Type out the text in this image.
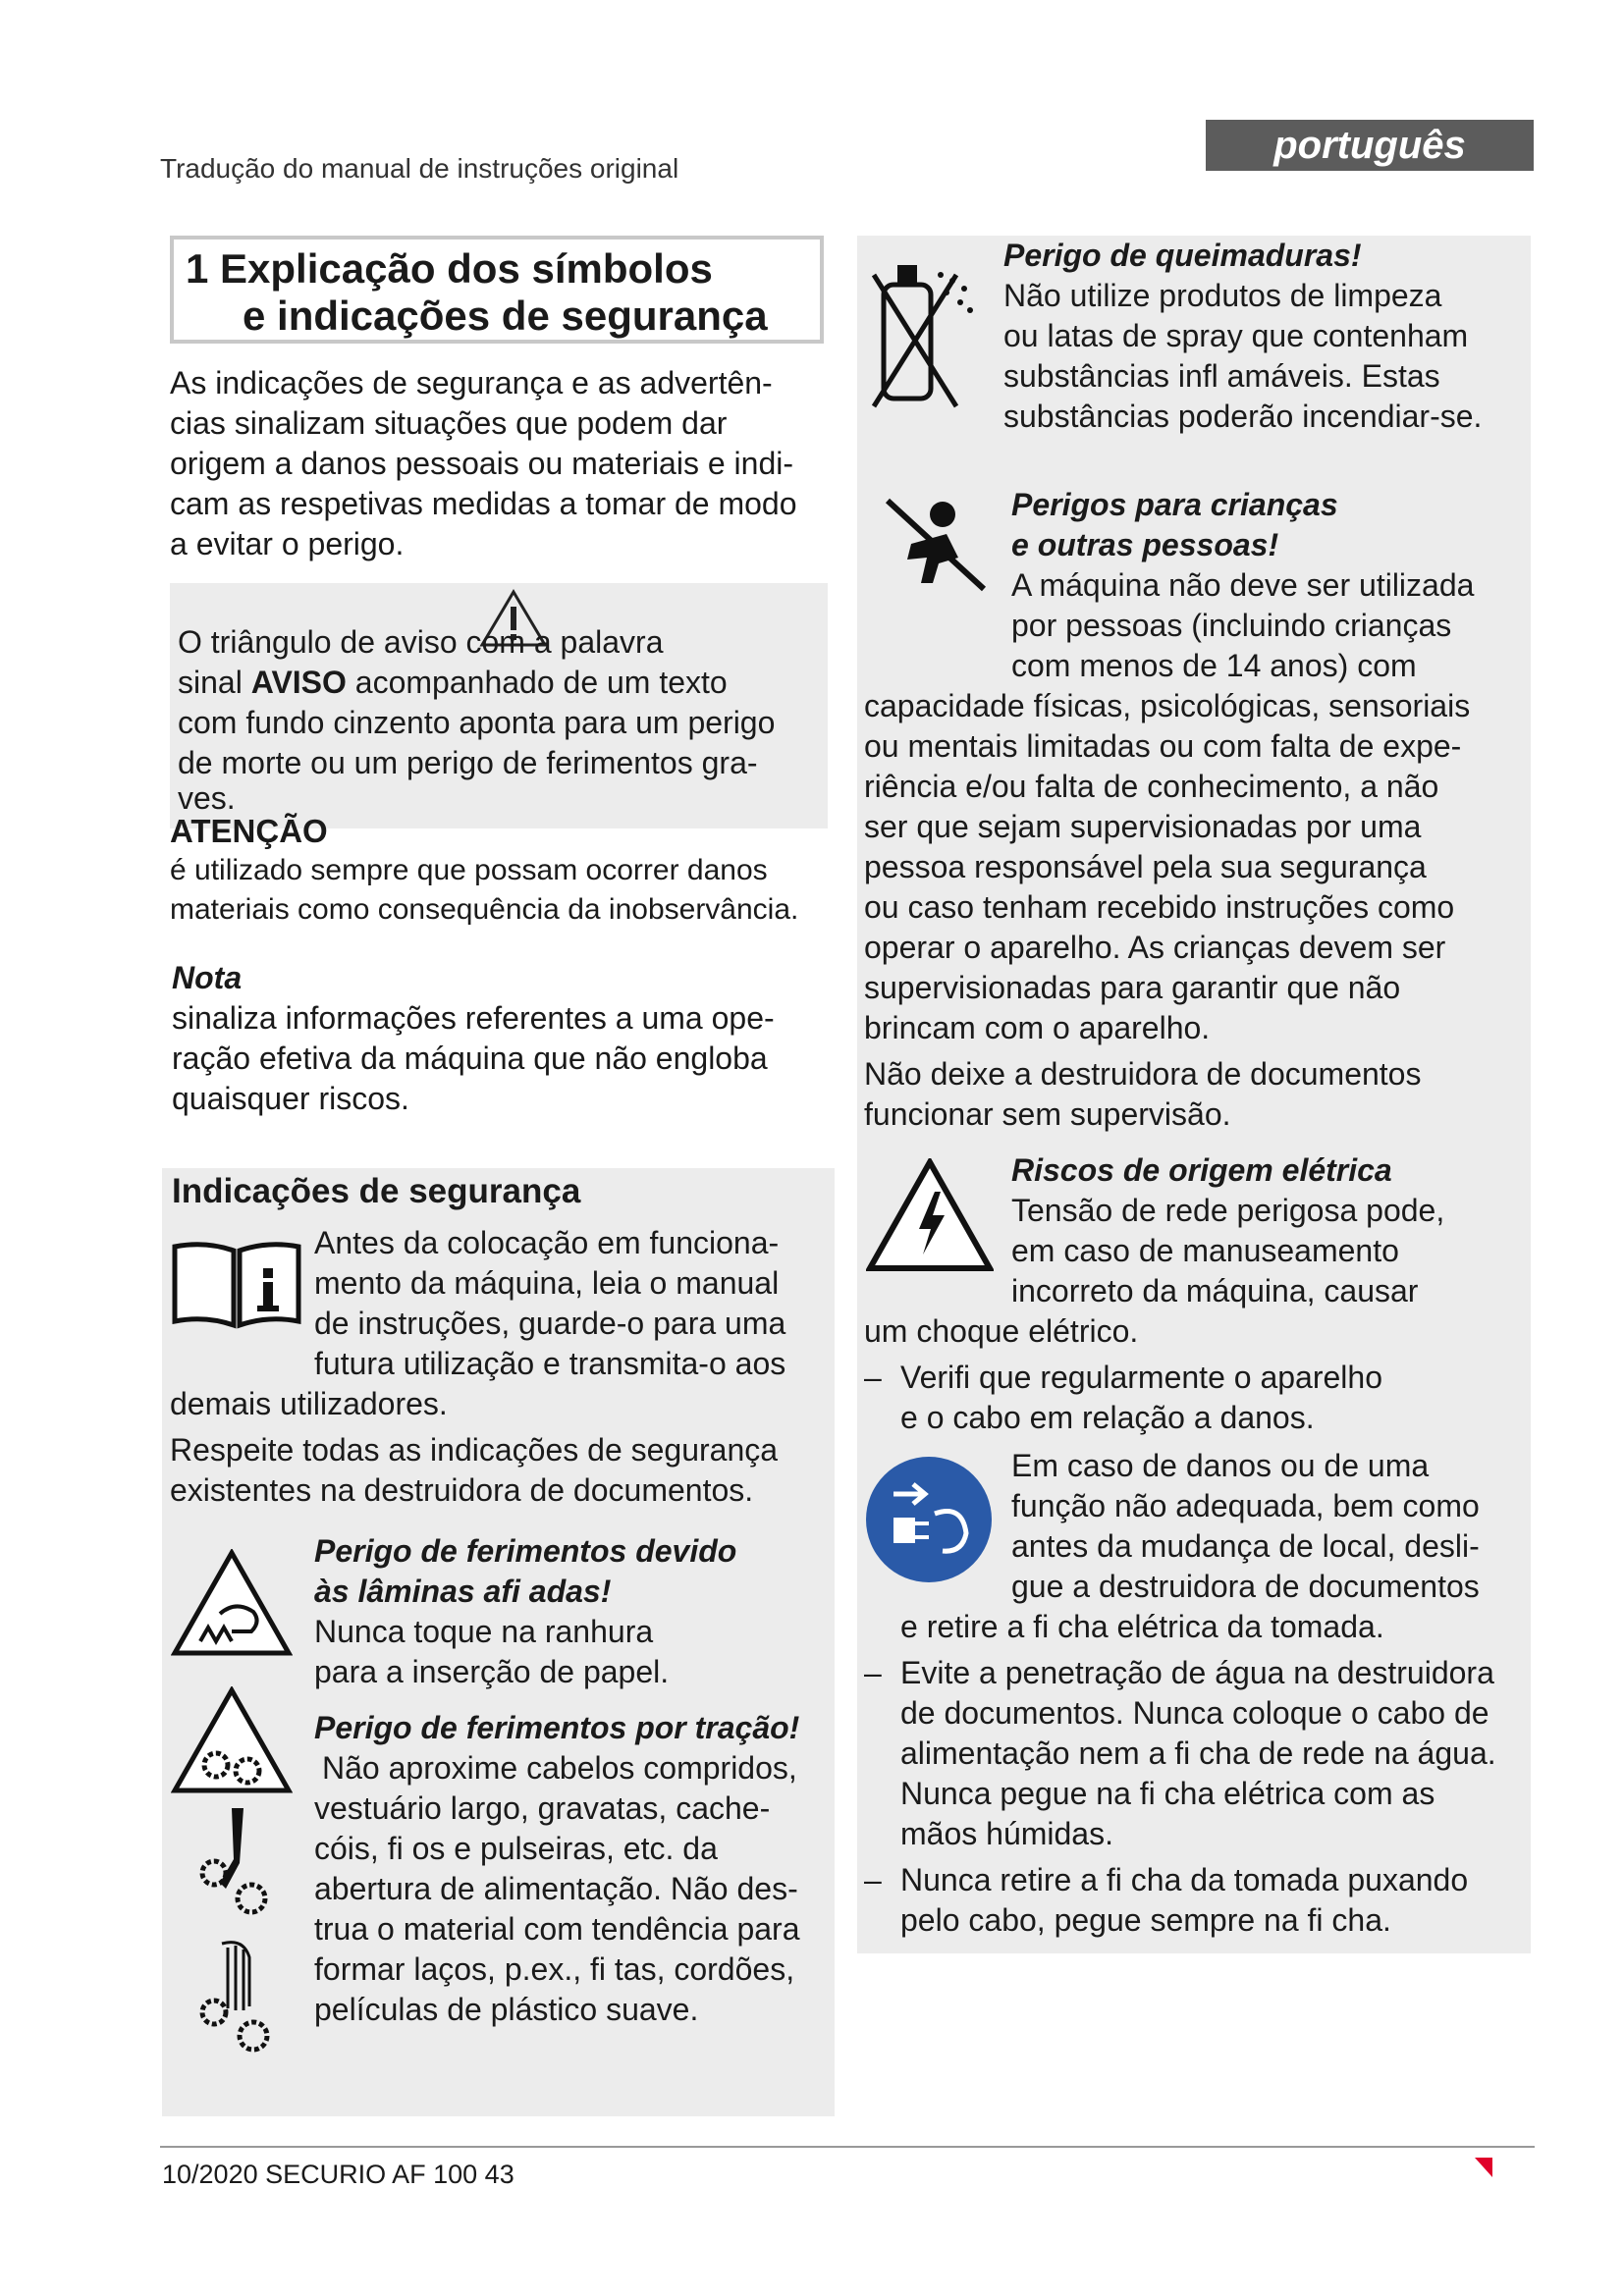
Tradução do manual de instruções original
português
1 Explicação dos símbolos
e indicações de segurança

As indicações de segurança e as advertên-

cias sinalizam situações que podem dar

origem a danos pessoais ou materiais e indi-

cam as respetivas medidas a tomar de modo

a evitar o perigo.

O triângulo de aviso com a palavra

sinal AVISO acompanhado de um texto

com fundo cinzento aponta para um perigo

de morte ou um perigo de ferimentos gra-

ves.

ATENÇÃO

é utilizado sempre que possam ocorrer danos

materiais como consequência da inobservância.

Nota

sinaliza informações referentes a uma ope-

ração efetiva da máquina que não engloba

quaisquer riscos.

Indicações de segurança

Antes da colocação em funciona-

mento da máquina, leia o manual

de instruções, guarde-o para uma

futura utilização e transmita-o aos

demais utilizadores.

Respeite todas as indicações de segurança

existentes na destruidora de documentos.

Perigo de ferimentos devido

às lâminas afi adas!

Nunca toque na ranhura

para a inserção de papel.

Perigo de ferimentos por tração!

Não aproxime cabelos compridos,

vestuário largo, gravatas, cache-

cóis, fi os e pulseiras, etc. da

abertura de alimentação. Não des-

trua o material com tendência para

formar laços, p.ex., fi tas, cordões,

películas de plástico suave.

Perigo de queimaduras!

Não utilize produtos de limpeza

ou latas de spray que contenham

substâncias infl amáveis. Estas

substâncias poderão incendiar-se.

Perigos para crianças

e outras pessoas!

A máquina não deve ser utilizada

por pessoas (incluindo crianças

com menos de 14 anos) com

capacidade físicas, psicológicas, sensoriais

ou mentais limitadas ou com falta de expe-

riência e/ou falta de conhecimento, a não

ser que sejam supervisionadas por uma

pessoa responsável pela sua segurança

ou caso tenham recebido instruções como

operar o aparelho. As crianças devem ser

supervisionadas para garantir que não

brincam com o aparelho.

Não deixe a destruidora de documentos

funcionar sem supervisão.

Riscos de origem elétrica

Tensão de rede perigosa pode,

em caso de manuseamento

incorreto da máquina, causar

um choque elétrico.

– Verifi que regularmente o aparelho

e o cabo em relação a danos.

Em caso de danos ou de uma

função não adequada, bem como

antes da mudança de local, desli-

gue a destruidora de documentos

e retire a fi cha elétrica da tomada.

– Evite a penetração de água na destruidora

de documentos. Nunca coloque o cabo de

alimentação nem a fi cha de rede na água.

Nunca pegue na fi cha elétrica com as

mãos húmidas.

– Nunca retire a fi cha da tomada puxando

pelo cabo, pegue sempre na fi cha.

10/2020 SECURIO AF 100 43
